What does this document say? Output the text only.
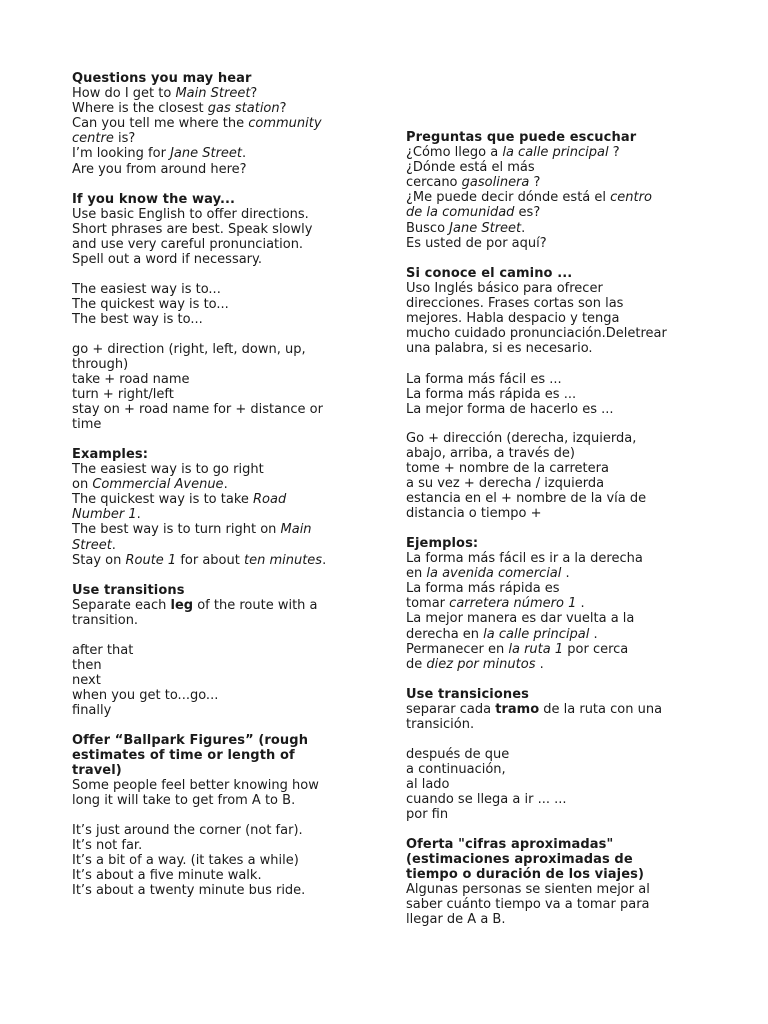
Questions you may hear
How do I get to Main Street?
Where is the closest gas station?
Can you tell me where the community
centre is?
I’m looking for Jane Street.
Are you from around here?
If you know the way...
Use basic English to offer directions.
Short phrases are best. Speak slowly
and use very careful pronunciation.
Spell out a word if necessary.
The easiest way is to...
The quickest way is to...
The best way is to...
go + direction (right, left, down, up,
through)
take + road name
turn + right/left
stay on + road name for + distance or
time
Examples:
The easiest way is to go right
on Commercial Avenue.
The quickest way is to take Road
Number 1.
The best way is to turn right on Main
Street.
Stay on Route 1 for about ten minutes.
Use transitions
Separate each leg of the route with a
transition.
after that
then
next
when you get to...go...
finally
Offer “Ballpark Figures” (rough
estimates of time or length of
travel)
Some people feel better knowing how
long it will take to get from A to B.
It’s just around the corner (not far).
It’s not far.
It’s a bit of a way. (it takes a while)
It’s about a five minute walk.
It’s about a twenty minute bus ride.
Preguntas que puede escuchar
¿Cómo llego a la calle principal ?
¿Dónde está el más
cercano gasolinera ?
¿Me puede decir dónde está el centro
de la comunidad es?
Busco Jane Street.
Es usted de por aquí?
Si conoce el camino ...
Uso Inglés básico para ofrecer
direcciones. Frases cortas son las
mejores. Habla despacio y tenga
mucho cuidado pronunciación.Deletrear
una palabra, si es necesario.
La forma más fácil es ...
La forma más rápida es ...
La mejor forma de hacerlo es ...
Go + dirección (derecha, izquierda,
abajo, arriba, a través de)
tome + nombre de la carretera
a su vez + derecha / izquierda
estancia en el + nombre de la vía de
distancia o tiempo +
Ejemplos:
La forma más fácil es ir a la derecha
en la avenida comercial .
La forma más rápida es
tomar carretera número 1 .
La mejor manera es dar vuelta a la
derecha en la calle principal .
Permanecer en la ruta 1 por cerca
de diez por minutos .
Use transiciones
separar cada tramo de la ruta con una
transición.
después de que
a continuación,
al lado
cuando se llega a ir ... ...
por fin
Oferta "cifras aproximadas"
(estimaciones aproximadas de
tiempo o duración de los viajes)
Algunas personas se sienten mejor al
saber cuánto tiempo va a tomar para
llegar de A a B.
